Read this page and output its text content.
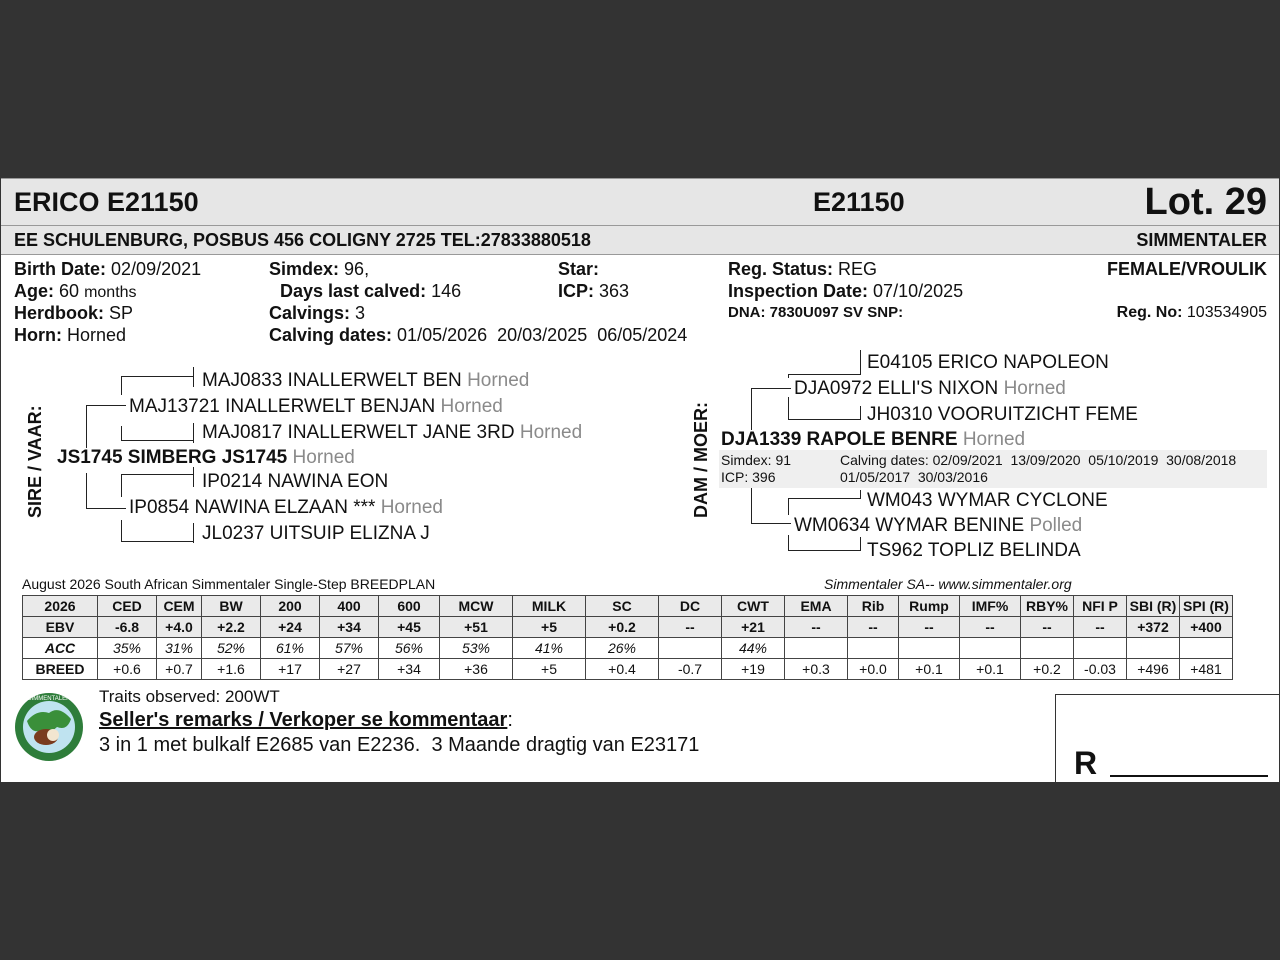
ERICO E21150	E21150	Lot. 29
EE SCHULENBURG, POSBUS 456 COLIGNY 2725 TEL:27833880518	SIMMENTALER
Birth Date: 02/09/2021
Age: 60 months
Herdbook: SP
Horn: Horned
Simdex: 96,
Days last calved: 146
Calvings: 3
Calving dates: 01/05/2026  20/03/2025  06/05/2024
Star:
ICP: 363
Reg. Status: REG
Inspection Date: 07/10/2025
DNA: 7830U097 SV SNP:
FEMALE/VROULIK
Reg. No: 103534905
SIRE / VAAR:
MAJ0833 INALLERWELT BEN Horned
MAJ13721 INALLERWELT BENJAN Horned
MAJ0817 INALLERWELT JANE 3RD Horned
JS1745 SIMBERG JS1745 Horned
IP0214 NAWINA EON
IP0854 NAWINA ELZAAN *** Horned
JL0237 UITSUIP ELIZNA J
DAM / MOER:
E04105 ERICO NAPOLEON
DJA0972 ELLI'S NIXON Horned
JH0310 VOORUITZICHT FEME
DJA1339 RAPOLE BENRE Horned
Simdex: 91
ICP: 396
Calving dates: 02/09/2021  13/09/2020  05/10/2019  30/08/2018
01/05/2017  30/03/2016
WM043 WYMAR CYCLONE
WM0634 WYMAR BENINE Polled
TS962 TOPLIZ BELINDA
August 2026 South African Simmentaler Single-Step BREEDPLAN	Simmentaler SA-- www.simmentaler.org
2026	CED	CEM	BW	200	400	600	MCW	MILK	SC	DC	CWT	EMA	Rib	Rump	IMF%	RBY%	NFI P	SBI (R)	SPI (R)
EBV	-6.8	+4.0	+2.2	+24	+34	+45	+51	+5	+0.2	--	+21	--	--	--	--	--	--	+372	+400
ACC	35%	31%	52%	61%	57%	56%	53%	41%	26%		44%								
BREED	+0.6	+0.7	+1.6	+17	+27	+34	+36	+5	+0.4	-0.7	+19	+0.3	+0.0	+0.1	+0.1	+0.2	-0.03	+496	+481
SIMMENTALER Traits observed: 200WT
Seller's remarks / Verkoper se kommentaar:
3 in 1 met bulkalf E2685 van E2236.  3 Maande dragtig van E23171	R
